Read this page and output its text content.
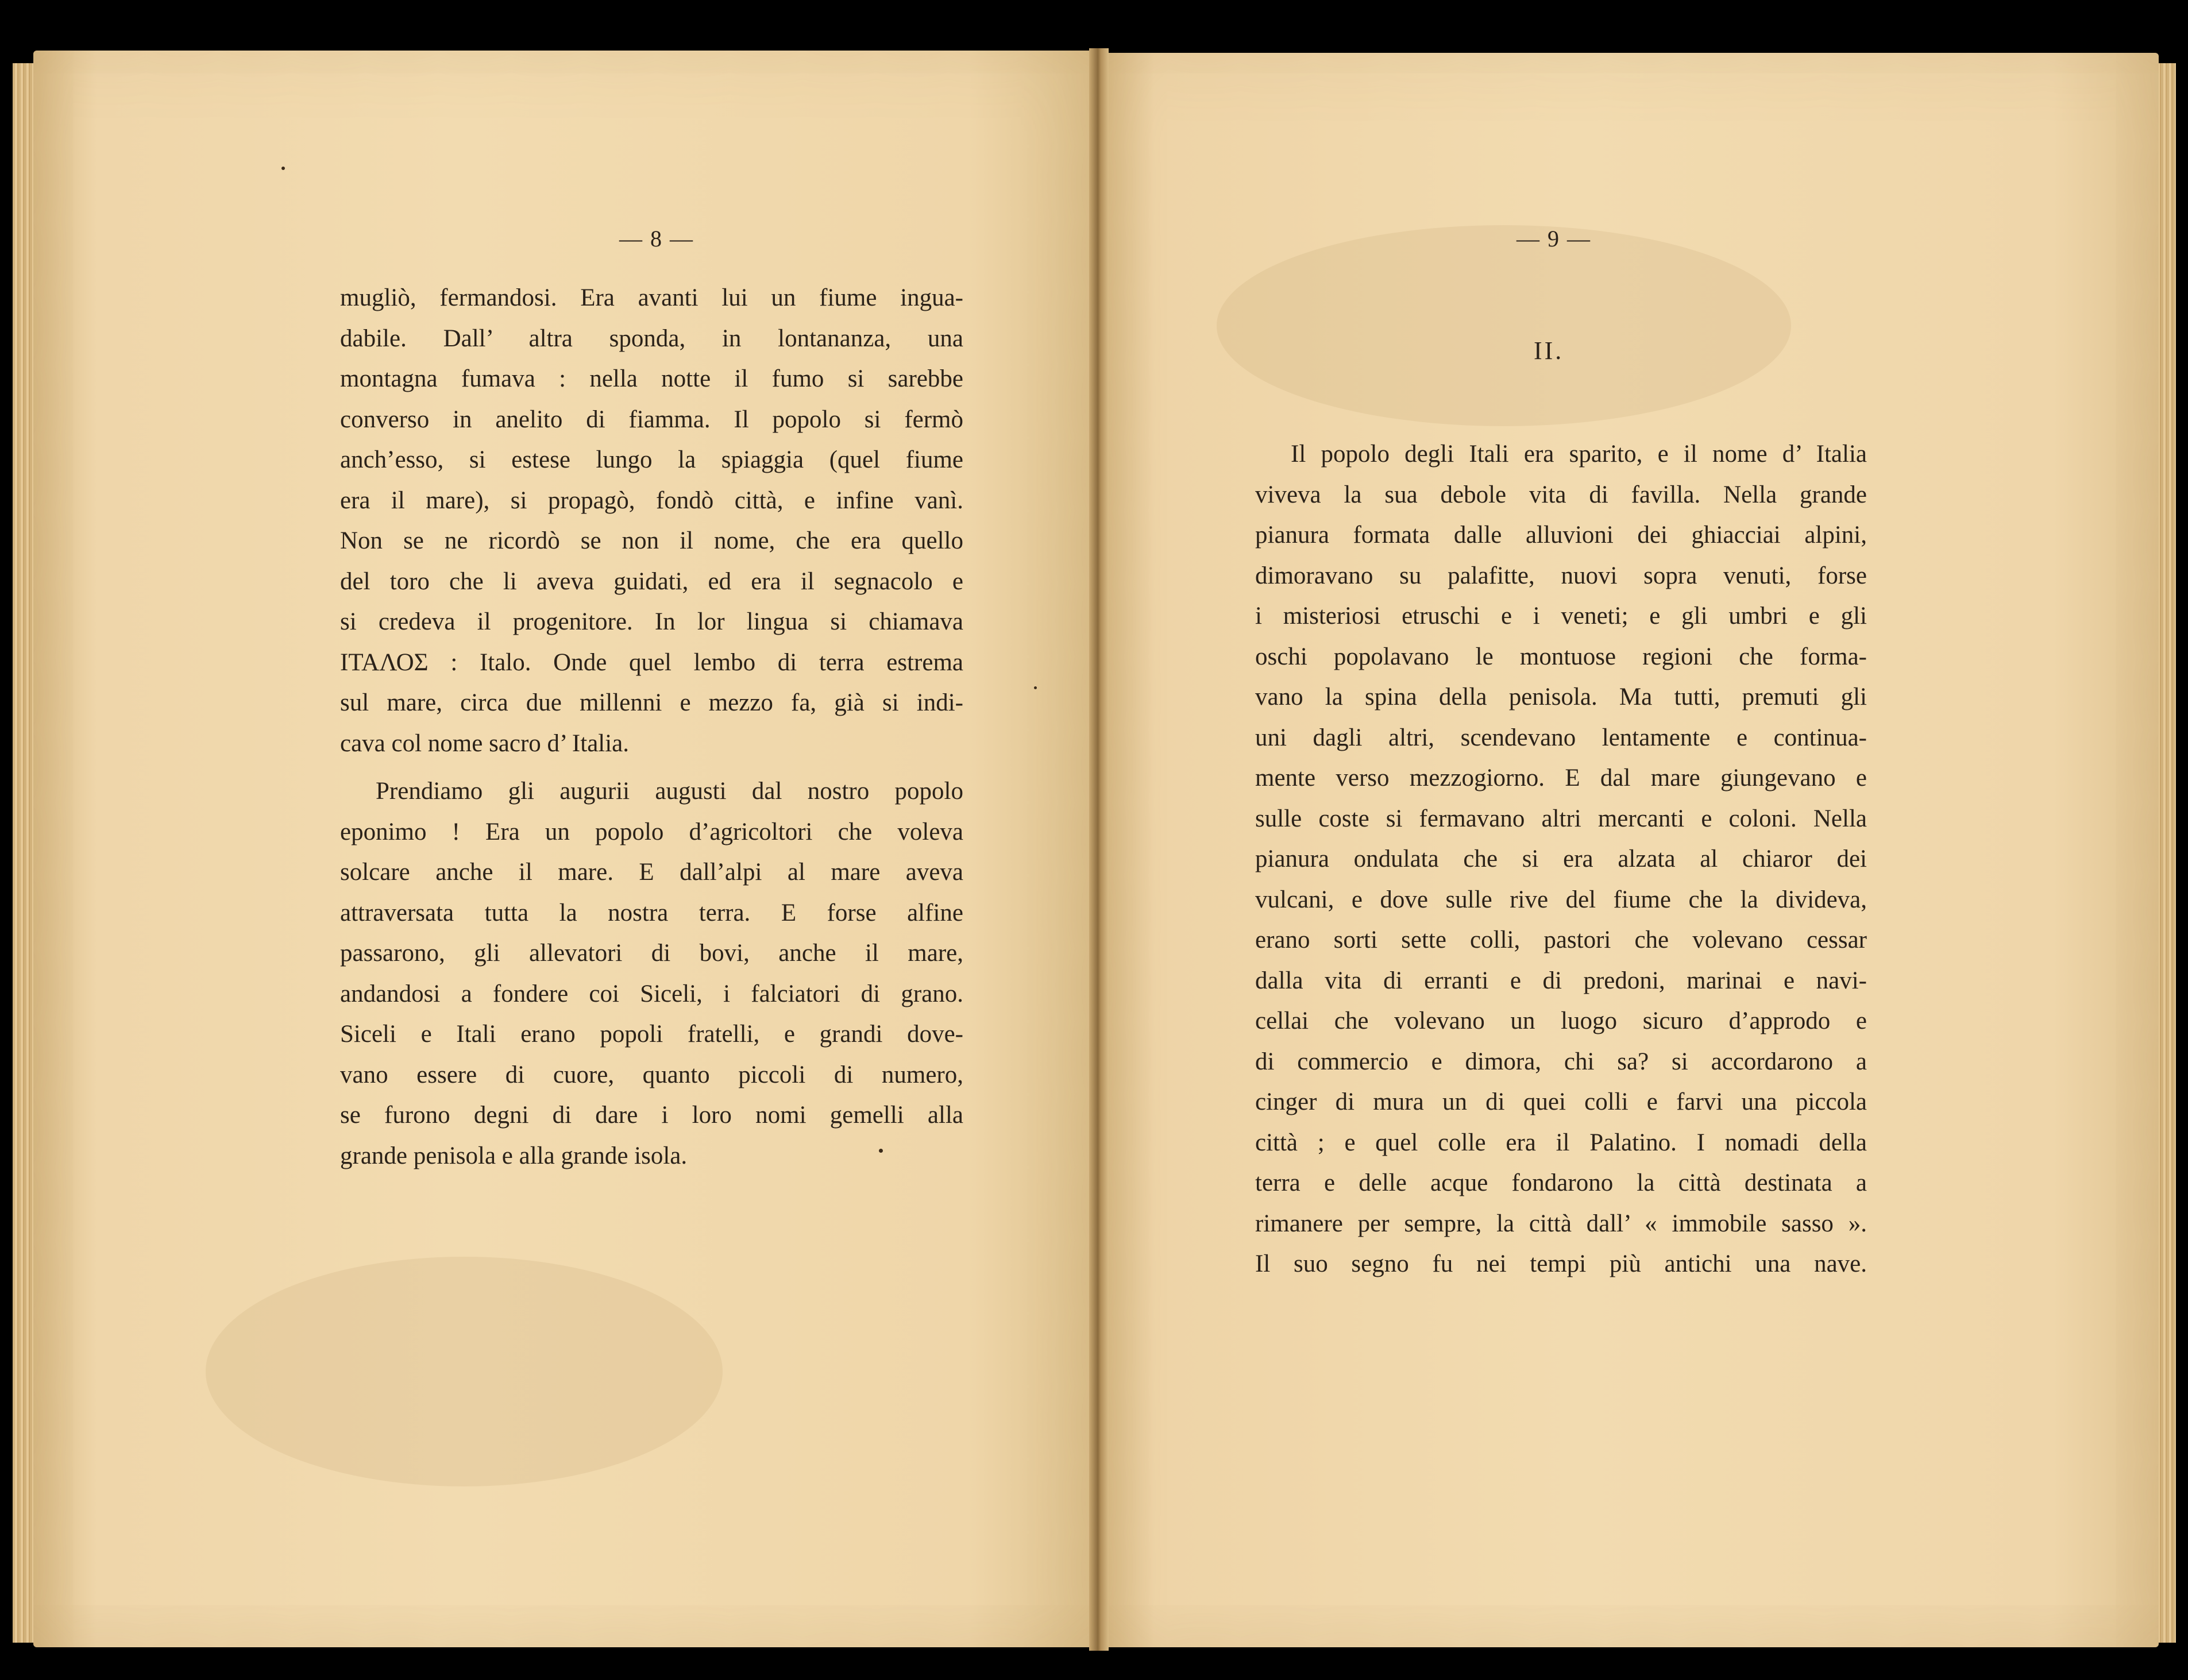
— 8 —	— 9 —
mugliò, fermandosi. Era avanti lui un fiume ingua-
dabile. Dall’ altra sponda, in lontananza, una
montagna fumava : nella notte il fumo si sarebbe
converso in anelito di fiamma. Il popolo si fermò
anch’esso, si estese lungo la spiaggia (quel fiume
era il mare), si propagò, fondò città, e infine vanì.
Non se ne ricordò se non il nome, che era quello
del toro che li aveva guidati, ed era il segnacolo e
si credeva il progenitore. In lor lingua si chiamava
ΙΤΑΛΟΣ : Italo. Onde quel lembo di terra estrema
sul mare, circa due millenni e mezzo fa, già si indi-
cava col nome sacro d’ Italia.
Prendiamo gli augurii augusti dal nostro popolo
eponimo ! Era un popolo d’agricoltori che voleva
solcare anche il mare. E dall’alpi al mare aveva
attraversata tutta la nostra terra. E forse alfine
passarono, gli allevatori di bovi, anche il mare,
andandosi a fondere coi Siceli, i falciatori di grano.
Siceli e Itali erano popoli fratelli, e grandi dove-
vano essere di cuore, quanto piccoli di numero,
se furono degni di dare i loro nomi gemelli alla
grande penisola e alla grande isola.
II.
Il popolo degli Itali era sparito, e il nome d’ Italia
viveva la sua debole vita di favilla. Nella grande
pianura formata dalle alluvioni dei ghiacciai alpini,
dimoravano su palafitte, nuovi sopra venuti, forse
i misteriosi etruschi e i veneti; e gli umbri e gli
oschi popolavano le montuose regioni che forma-
vano la spina della penisola. Ma tutti, premuti gli
uni dagli altri, scendevano lentamente e continua-
mente verso mezzogiorno. E dal mare giungevano e
sulle coste si fermavano altri mercanti e coloni. Nella
pianura ondulata che si era alzata al chiaror dei
vulcani, e dove sulle rive del fiume che la divideva,
erano sorti sette colli, pastori che volevano cessar
dalla vita di erranti e di predoni, marinai e navi-
cellai che volevano un luogo sicuro d’approdo e
di commercio e dimora, chi sa? si accordarono a
cinger di mura un di quei colli e farvi una piccola
città ; e quel colle era il Palatino. I nomadi della
terra e delle acque fondarono la città destinata a
rimanere per sempre, la città dall’ « immobile sasso ».
Il suo segno fu nei tempi più antichi una nave.
